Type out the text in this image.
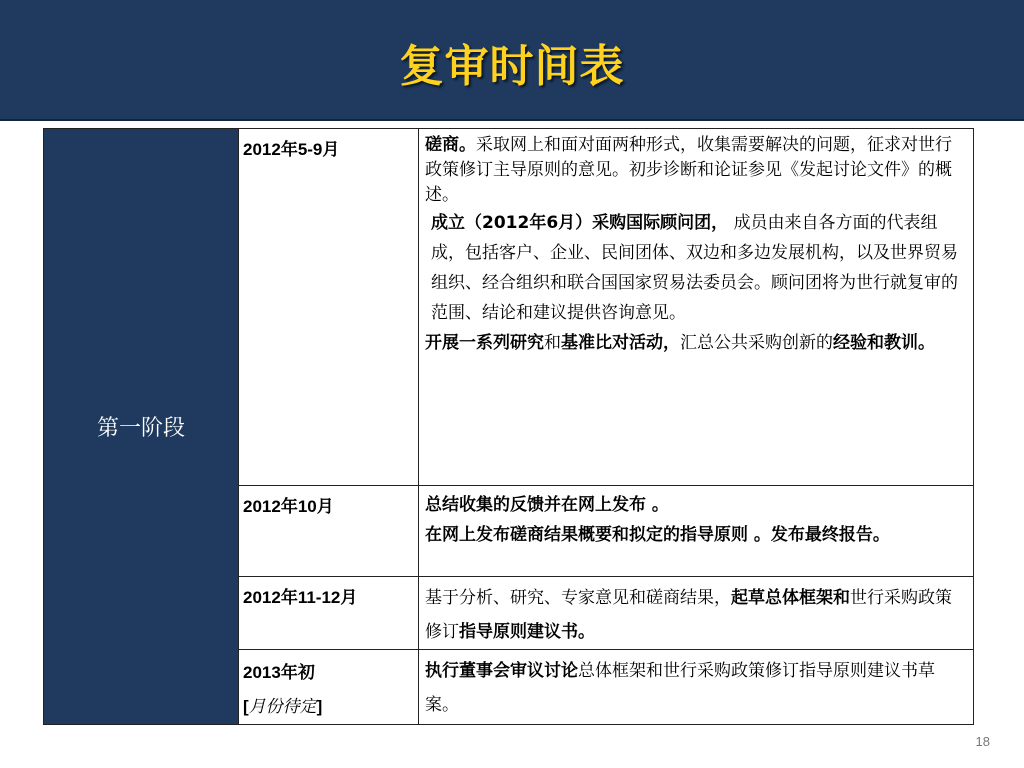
复审时间表
第一阶段	2012年5-9月	磋商。采取网上和面对面两种形式，收集需要解决的问题，征求对世行政策修订主导原则的意见。初步诊断和论证参见《发起讨论文件》的概述。
成立（2012年6月）采购国际顾问团， 成员由来自各方面的代表组成，包括客户、企业、民间团体、双边和多边发展机构，以及世界贸易组织、经合组织和联合国国家贸易法委员会。顾问团将为世行就复审的范围、结论和建议提供咨询意见。
开展一系列研究和基准比对活动，汇总公共采购创新的经验和教训。

	2012年10月	总结收集的反馈并在网上发布 。
在网上发布磋商结果概要和拟定的指导原则 。发布最终报告。

	2012年11-12月	基于分析、研究、专家意见和磋商结果，起草总体框架和世行采购政策修订指导原则建议书。

	2013年初
[月份待定]	执行董事会审议讨论总体框架和世行采购政策修订指导原则建议书草案。
18
